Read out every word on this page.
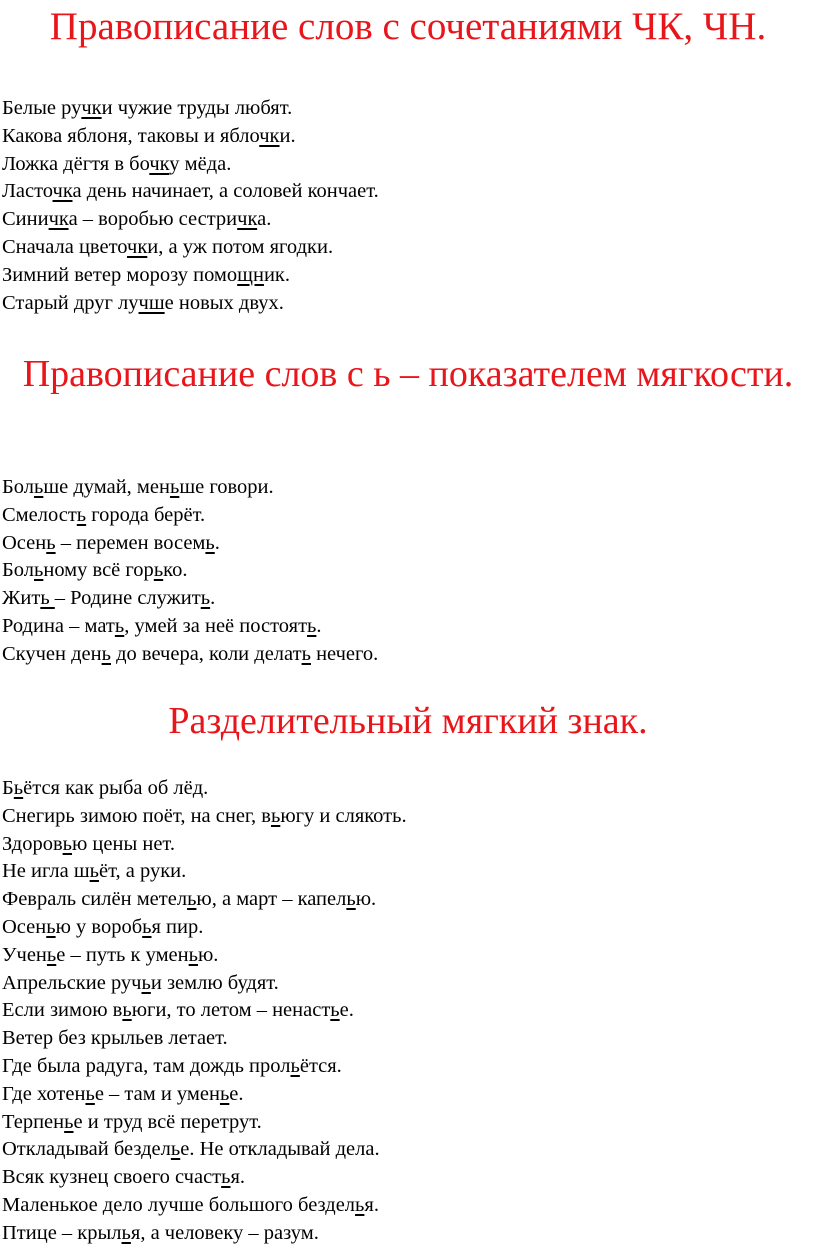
Правописание слов с сочетаниями ЧК, ЧН.

Белые ручки чужие труды любят.

Какова яблоня, таковы и яблочки.

Ложка дёгтя в бочку мёда.

Ласточка день начинает, а соловей кончает.

Синичка – воробью сестричка.

Сначала цветочки, а уж потом ягодки.

Зимний ветер морозу помощник.

Старый друг лучше новых двух.

Правописание слов с ь – показателем мягкости.

Больше думай, меньше говори.

Смелость города берёт.

Осень – перемен восемь.

Больному всё горько.

Жить – Родине служить.

Родина – мать, умей за неё постоять.

Скучен день до вечера, коли делать нечего.

Разделительный мягкий знак.

Бьётся как рыба об лёд.

Снегирь зимою поёт, на снег, вьюгу и слякоть.

Здоровью цены нет.

Не игла шьёт, а руки.

Февраль силён метелью, а март – капелью.

Осенью у воробья пир.

Ученье – путь к уменью.

Апрельские ручьи землю будят.

Если зимою вьюги, то летом – ненастье.

Ветер без крыльев летает.

Где была радуга, там дождь прольётся.

Где хотенье – там и уменье.

Терпенье и труд всё перетрут.

Откладывай безделье. Не откладывай дела.

Всяк кузнец своего счастья.

Маленькое дело лучше большого безделья.

Птице – крылья, а человеку – разум.
